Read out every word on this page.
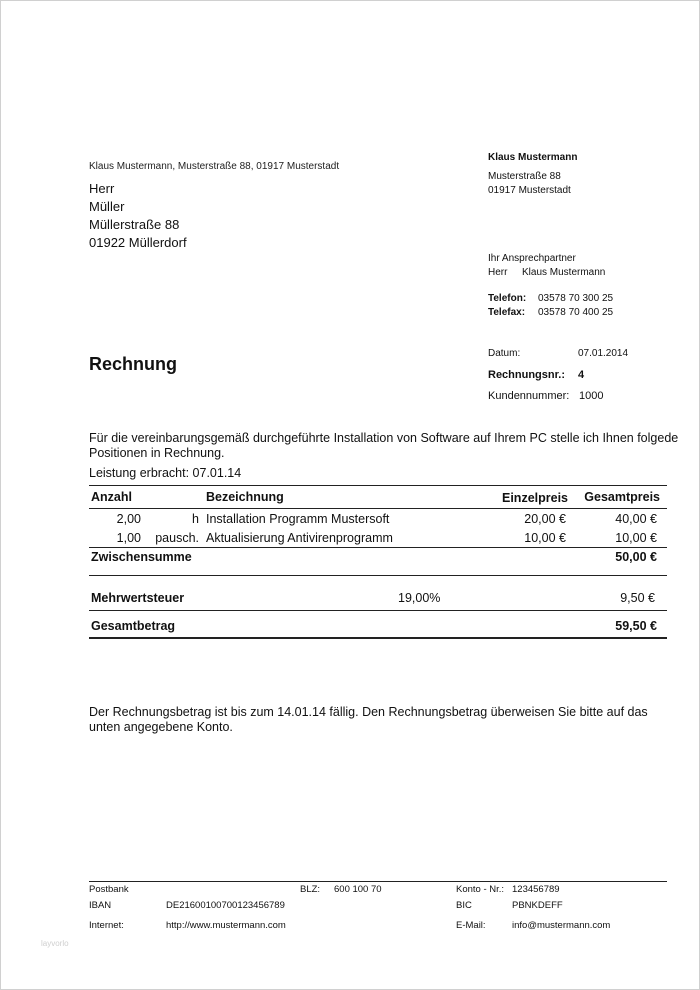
Klaus Mustermann, Musterstraße 88, 01917 Musterstadt
Herr
Müller
Müllerstraße 88
01922 Müllerdorf
Klaus Mustermann
Musterstraße 88
01917 Musterstadt
Ihr Ansprechpartner
Herr Klaus Mustermann
Telefon: 03578 70 300 25
Telefax: 03578 70 400 25
Rechnung
Datum:	07.01.2014
Rechnungsnr.: 4
Kundennummer: 1000
Für die vereinbarungsgemäß durchgeführte Installation von Software auf Ihrem PC stelle ich Ihnen folgede Positionen in Rechnung.
Leistung erbracht: 07.01.14
Anzahl	Bezeichnung	Einzelpreis Gesamtpreis
2,00	h Installation Programm Mustersoft	20,00 €	40,00 €
1,00 pausch. Aktualisierung Antivirenprogramm	10,00 €	10,00 €
Zwischensumme	50,00 €
Mehrwertsteuer	19,00%	9,50 €
Gesamtbetrag	59,50 €
Der Rechnungsbetrag ist bis zum 14.01.14 fällig. Den Rechnungsbetrag überweisen Sie bitte auf das unten angegebene Konto.
Postbank	BLZ: 600 100 70	Konto - Nr.: 123456789
IBAN	DE21600100700123456789	BIC	PBNKDEFF
Internet:	http://www.mustermann.com	E-Mail:	info@mustermann.com
layvorlo
